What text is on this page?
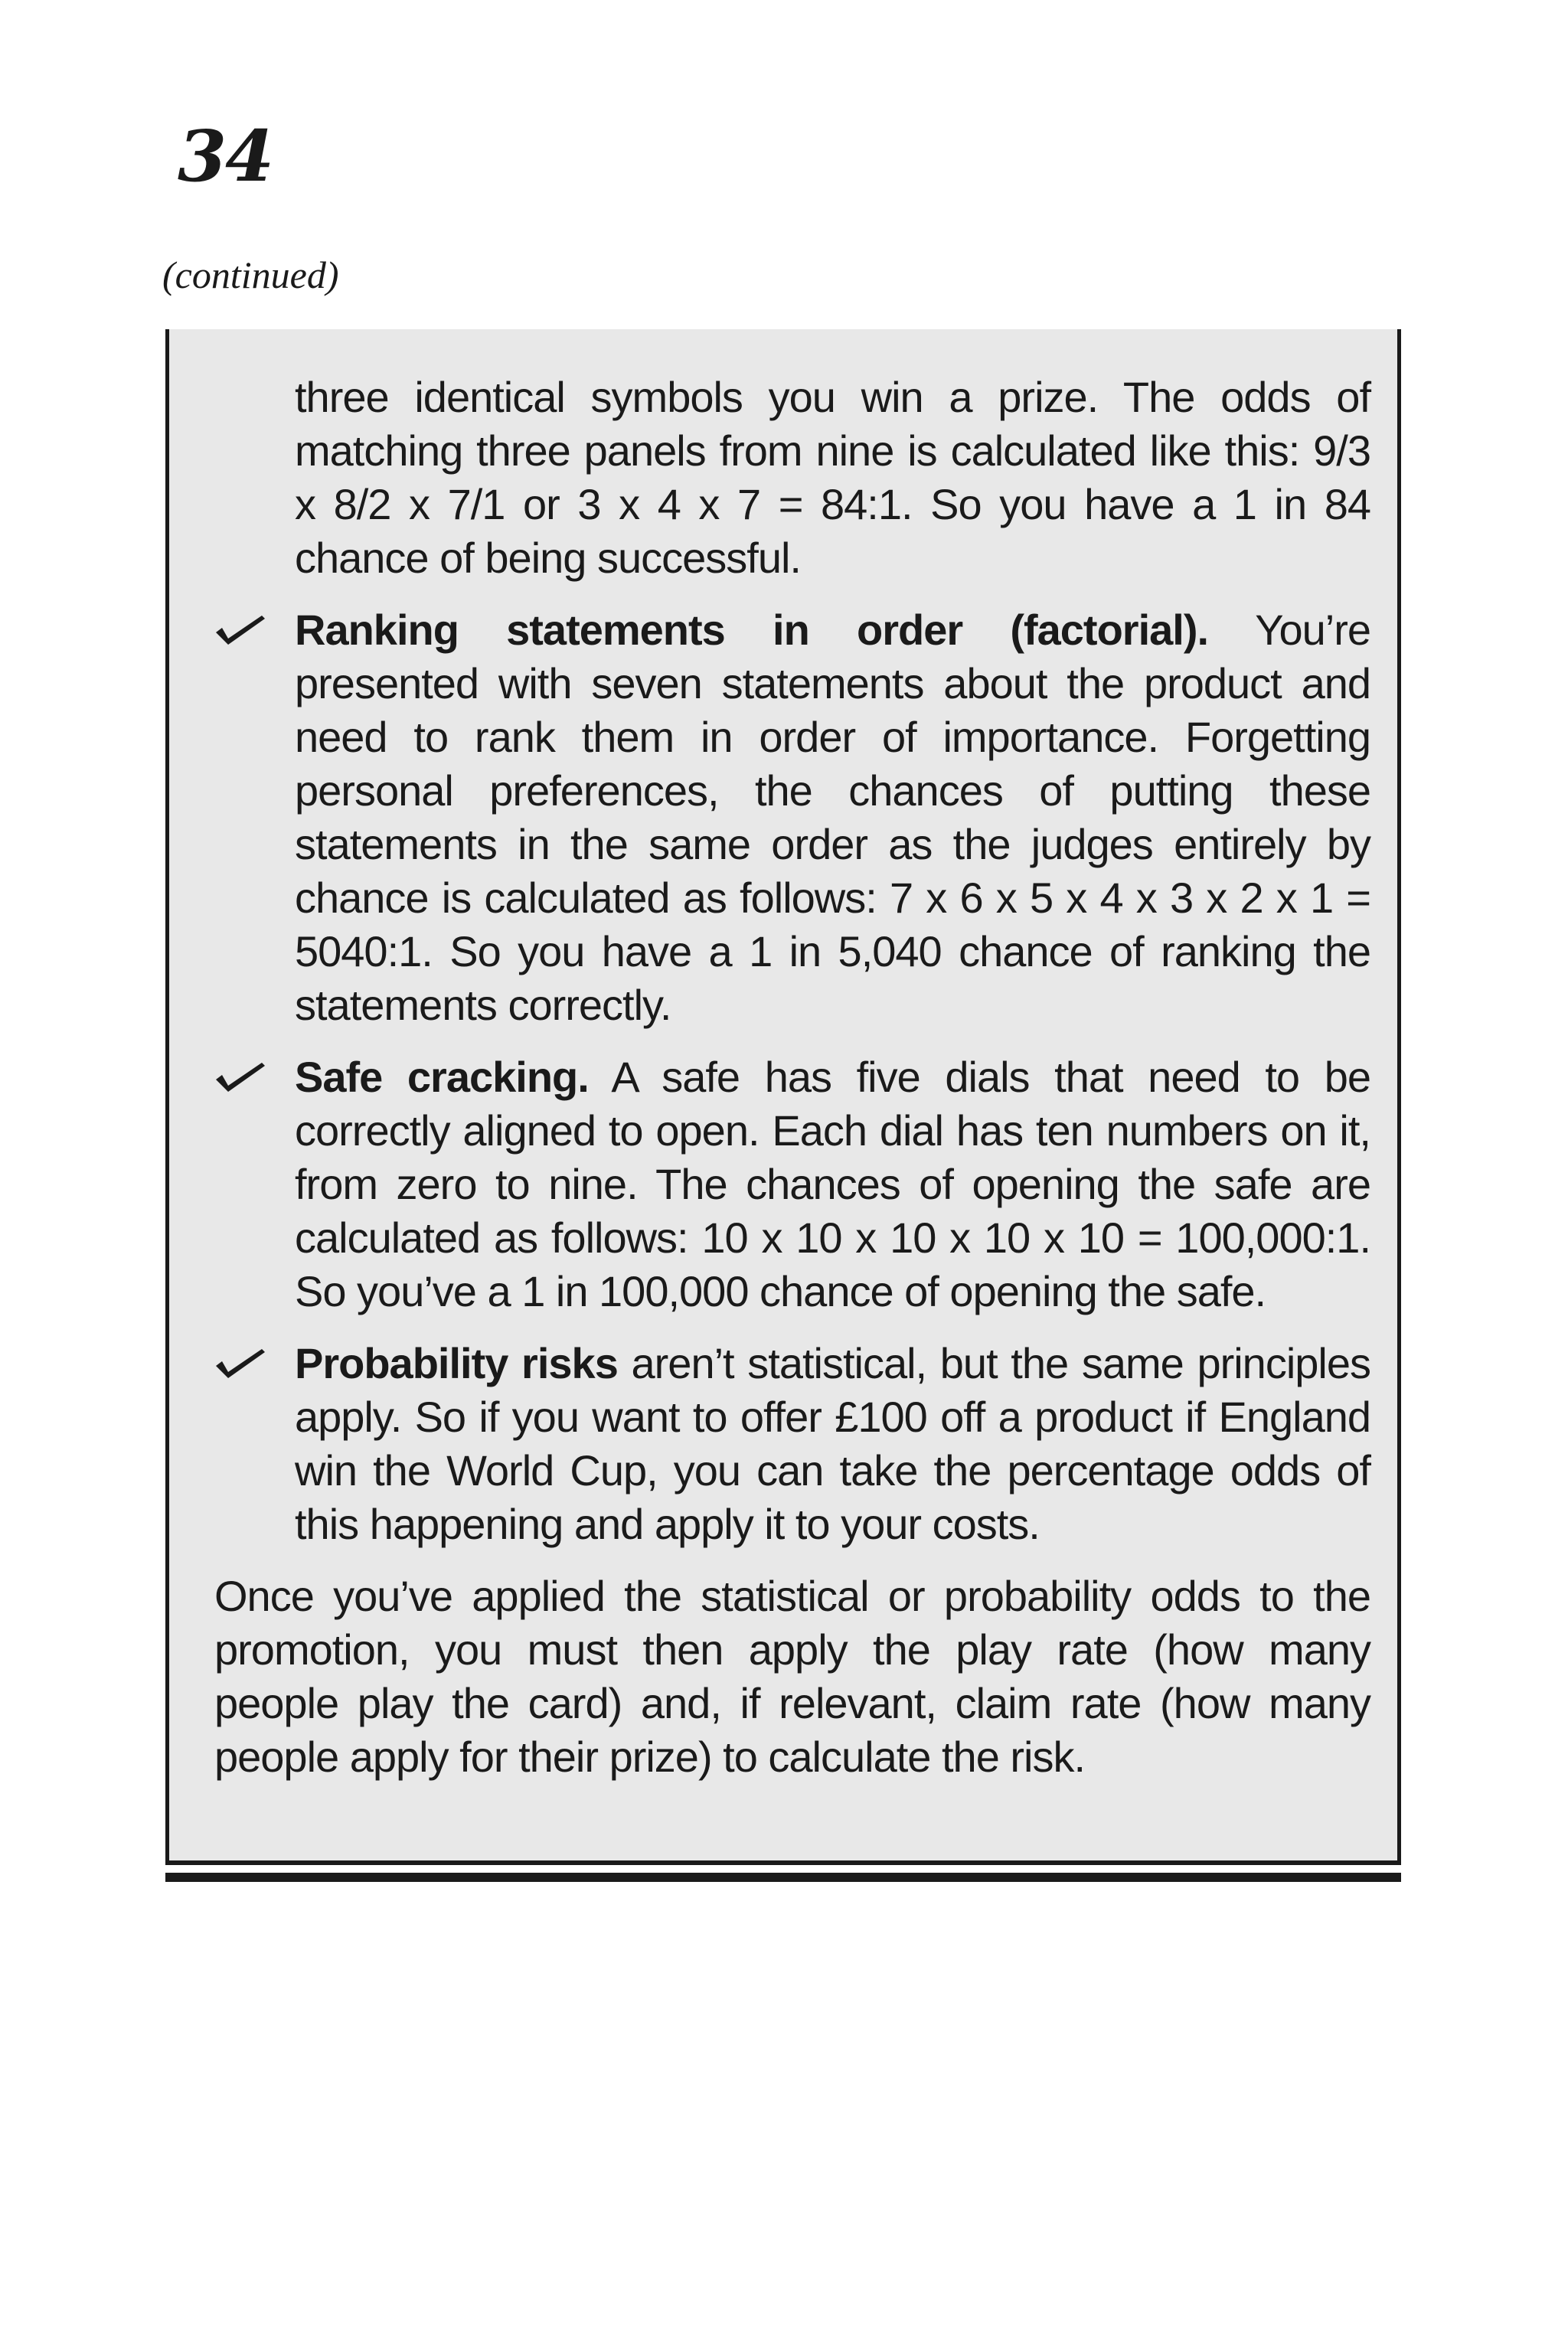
34
(continued)

three identical symbols you win a prize. The odds of matching three panels from nine is calculated like this: 9/3 x 8/2 x 7/1 or 3 x 4 x 7 = 84:1. So you have a 1 in 84 chance of being successful.

Ranking statements in order (factorial). You’re presented with seven statements about the product and need to rank them in order of importance. Forgetting personal preferences, the chances of putting these statements in the same order as the judges entirely by chance is calculated as follows: 7 x 6 x 5 x 4 x 3 x 2 x 1 = 5040:1. So you have a 1 in 5,040 chance of ranking the statements correctly.
Safe cracking. A safe has five dials that need to be correctly aligned to open. Each dial has ten numbers on it, from zero to nine. The chances of opening the safe are calculated as follows: 10 x 10 x 10 x 10 x 10 = 100,000:1. So you’ve a 1 in 100,000 chance of opening the safe.
Probability risks aren’t statistical, but the same principles apply. So if you want to offer £100 off a product if England win the World Cup, you can take the percentage odds of this happening and apply it to your costs.

Once you’ve applied the statistical or probability odds to the promotion, you must then apply the play rate (how many people play the card) and, if relevant, claim rate (how many people apply for their prize) to calculate the risk.
